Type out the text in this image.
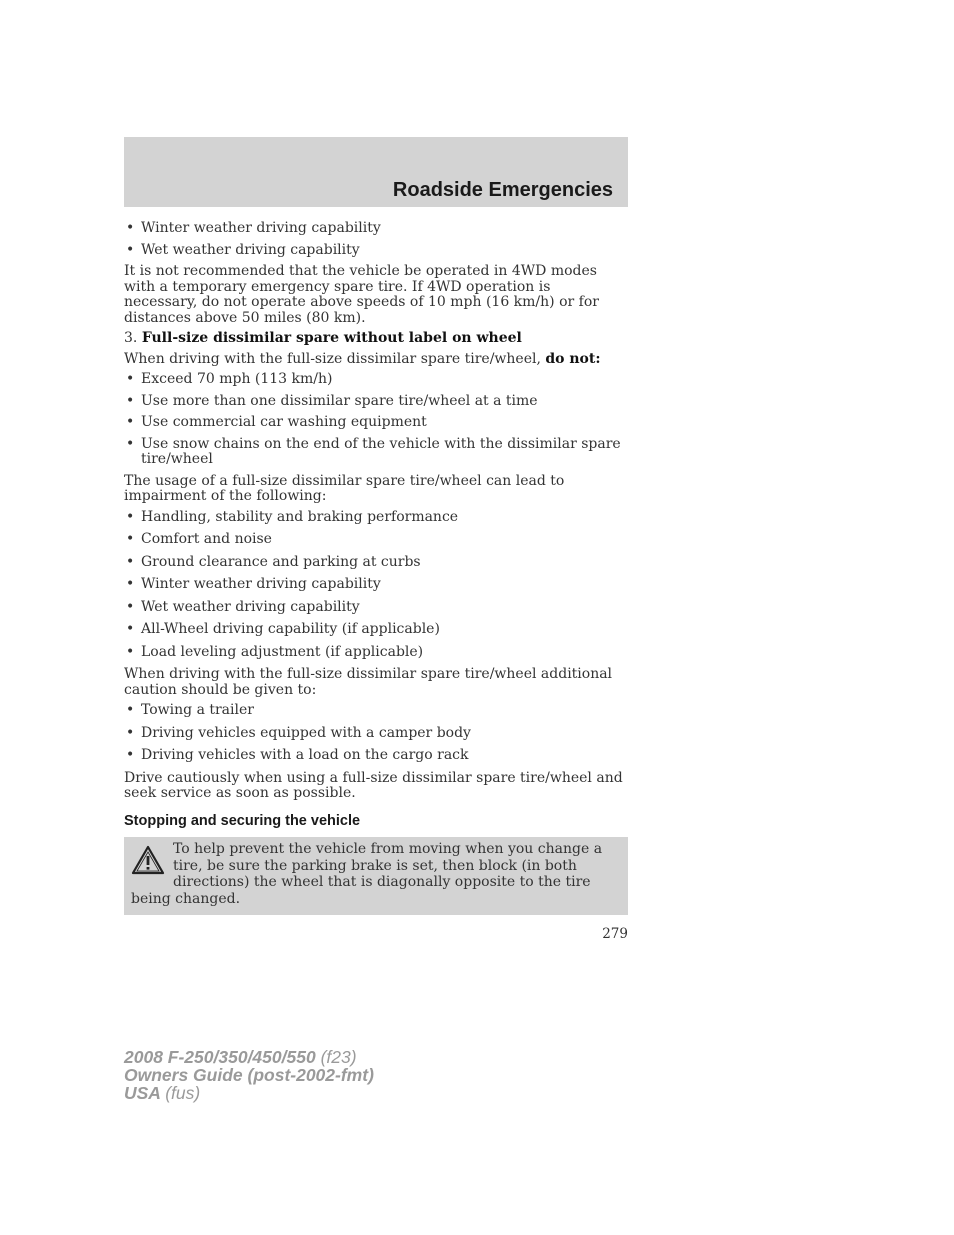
Roadside Emergencies
• Winter weather driving capability
• Wet weather driving capability

It is not recommended that the vehicle be operated in 4WD modes with a temporary emergency spare tire. If 4WD operation is necessary, do not operate above speeds of 10 mph (16 km/h) or for distances above 50 miles (80 km).

3. Full-size dissimilar spare without label on wheel

When driving with the full-size dissimilar spare tire/wheel, do not:

• Exceed 70 mph (113 km/h)
• Use more than one dissimilar spare tire/wheel at a time
• Use commercial car washing equipment
• Use snow chains on the end of the vehicle with the dissimilar spare tire/wheel

The usage of a full-size dissimilar spare tire/wheel can lead to impairment of the following:

• Handling, stability and braking performance
• Comfort and noise
• Ground clearance and parking at curbs
• Winter weather driving capability
• Wet weather driving capability
• All-Wheel driving capability (if applicable)
• Load leveling adjustment (if applicable)

When driving with the full-size dissimilar spare tire/wheel additional caution should be given to:

• Towing a trailer
• Driving vehicles equipped with a camper body
• Driving vehicles with a load on the cargo rack

Drive cautiously when using a full-size dissimilar spare tire/wheel and seek service as soon as possible.

Stopping and securing the vehicle
To help prevent the vehicle from moving when you change a tire, be sure the parking brake is set, then block (in both directions) the wheel that is diagonally opposite to the tire being changed.
279
2008 F-250/350/450/550 (f23)
Owners Guide (post-2002-fmt)
USA (fus)
